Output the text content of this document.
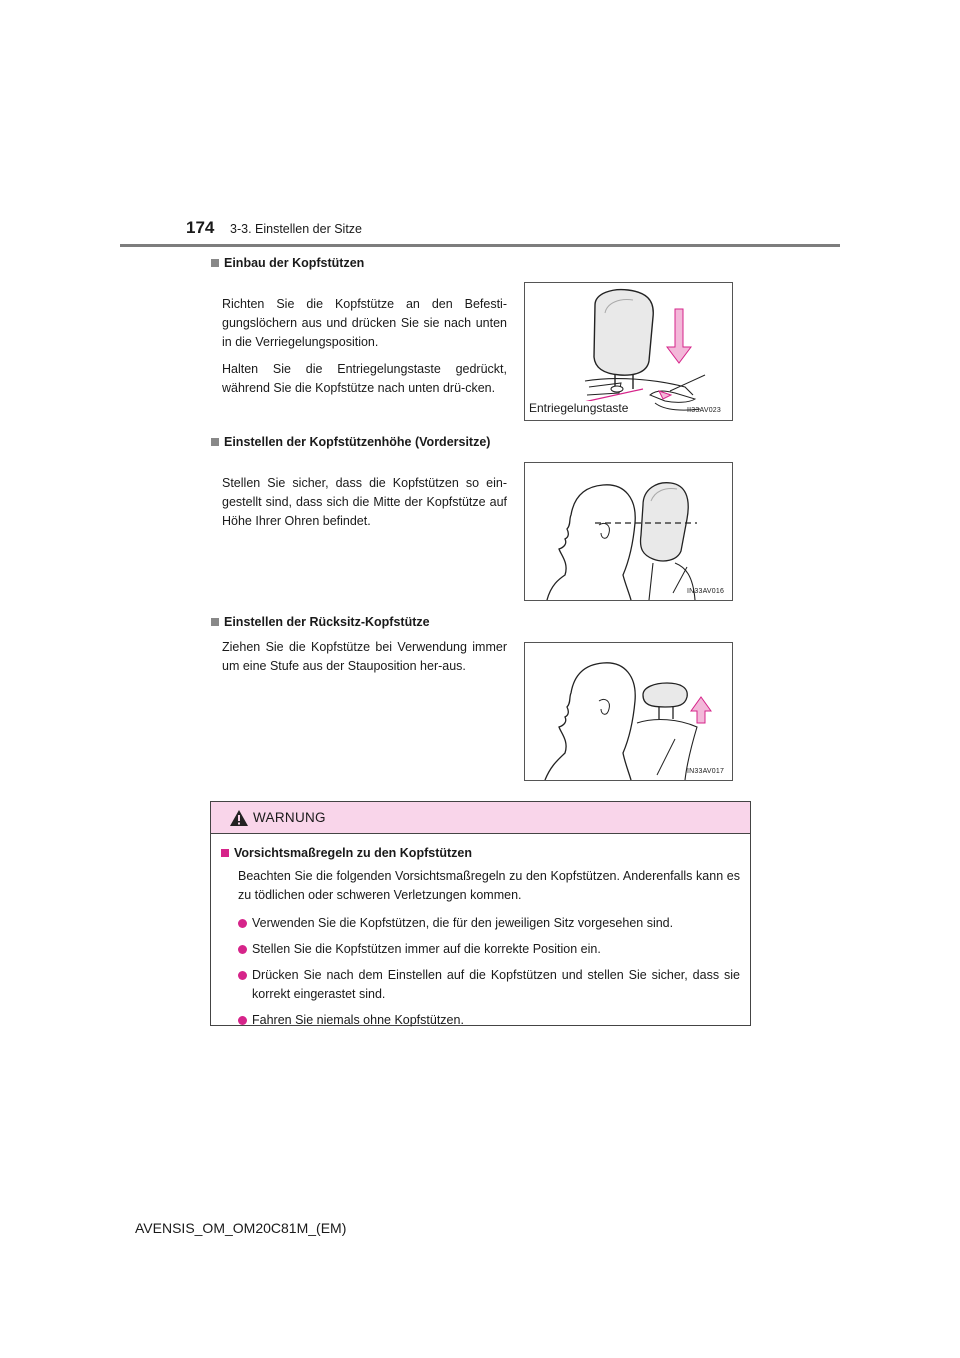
174 3-3. Einstellen der Sitze
Einbau der Kopfstützen

Richten Sie die Kopfstütze an den Befesti-gungslöchern aus und drücken Sie sie nach unten in die Verriegelungsposition.

Halten Sie die Entriegelungstaste gedrückt, während Sie die Kopfstütze nach unten drü-cken.

Entriegelungstaste	II33AV023
Einstellen der Kopfstützenhöhe (Vordersitze)

Stellen Sie sicher, dass die Kopfstützen so ein-gestellt sind, dass sich die Mitte der Kopfstütze auf Höhe Ihrer Ohren befindet.

IN33AV016
Einstellen der Rücksitz-Kopfstütze

Ziehen Sie die Kopfstütze bei Verwendung immer um eine Stufe aus der Stauposition her-aus.

IN33AV017
WARNUNG
Vorsichtsmaßregeln zu den Kopfstützen
Beachten Sie die folgenden Vorsichtsmaßregeln zu den Kopfstützen. Anderenfalls kann es zu tödlichen oder schweren Verletzungen kommen.
Verwenden Sie die Kopfstützen, die für den jeweiligen Sitz vorgesehen sind.
Stellen Sie die Kopfstützen immer auf die korrekte Position ein.
Drücken Sie nach dem Einstellen auf die Kopfstützen und stellen Sie sicher, dass sie korrekt eingerastet sind.
Fahren Sie niemals ohne Kopfstützen.
AVENSIS_OM_OM20C81M_(EM)
